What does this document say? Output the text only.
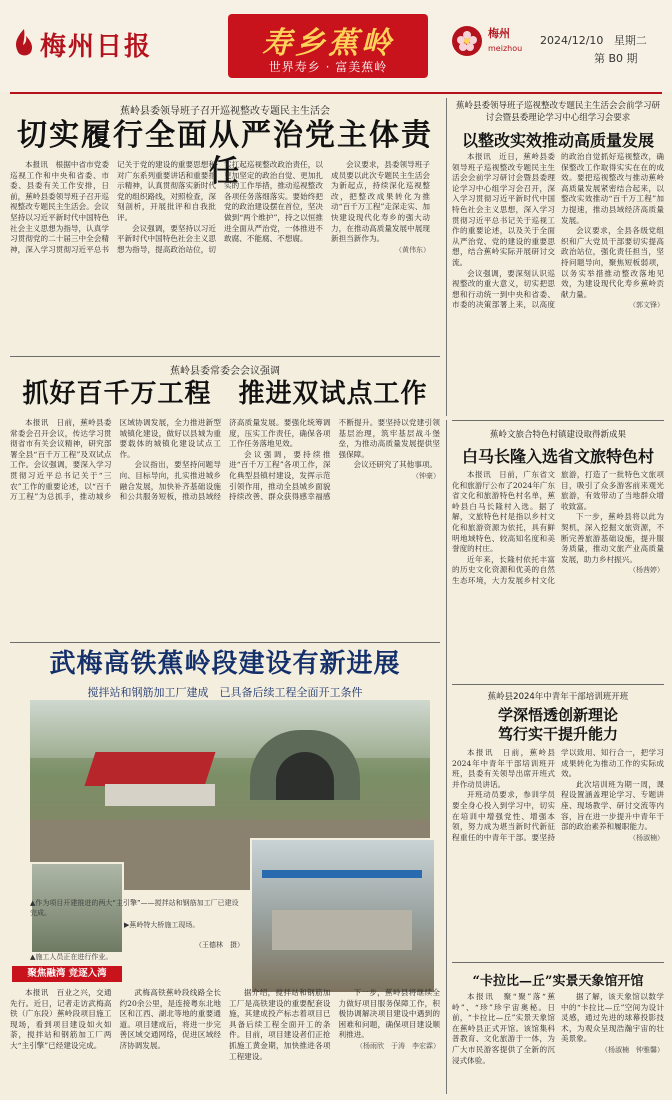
梅州日报	寿乡蕉岭
世界寿乡 · 富美蕉岭
梅州
meizhou
2024/12/10 星期二
第 B0 期
蕉岭县委领导班子召开巡视整改专题民主生活会
切实履行全面从严治党主体责任

本报讯　根据中省市党委巡视工作和中央和省委、市委、县委有关工作安排，日前，蕉岭县委领导班子召开巡视整改专题民主生活会。会议坚持以习近平新时代中国特色社会主义思想为指导，认真学习贯彻党的二十届三中全会精神，深入学习贯彻习近平总书记关于党的建设的重要思想和对广东系列重要讲话和重要指示精神，认真贯彻落实新时代党的组织路线，对照检查，深刻剖析，开展批评和自我批评。

会议强调，要坚持以习近平新时代中国特色社会主义思想为指导，提高政治站位，切实扛起巡视整改政治责任，以更加坚定的政治自觉、更加扎实的工作举措，推动巡视整改各项任务落细落实。要始终把党的政治建设摆在首位，坚决做到“两个维护”，持之以恒推进全面从严治党，一体推进不敢腐、不能腐、不想腐。

会议要求，县委领导班子成员要以此次专题民主生活会为新起点，持续深化巡视整改，把整改成果转化为推动“百千万工程”走深走实、加快建设现代化寿乡的强大动力，在推动高质量发展中展现新担当新作为。

（黄伟东）
蕉岭县委领导班子巡视整改专题民主生活会会前学习研讨会暨县委理论学习中心组学习会要求
以整改实效推动高质量发展

本报讯　近日，蕉岭县委领导班子巡视整改专题民主生活会会前学习研讨会暨县委理论学习中心组学习会召开，深入学习贯彻习近平新时代中国特色社会主义思想，深入学习贯彻习近平总书记关于巡视工作的重要论述，以及关于全面从严治党、党的建设的重要思想，结合蕉岭实际开展研讨交流。

会议强调，要深刻认识巡视整改的重大意义，切实把思想和行动统一到中央和省委、市委的决策部署上来，以高度的政治自觉抓好巡视整改，确保整改工作取得实实在在的成效。要把巡视整改与推动蕉岭高质量发展紧密结合起来，以整改实效推动“百千万工程”加力提速，推动县域经济高质量发展。

会议要求，全县各级党组织和广大党员干部要切实提高政治站位，强化责任担当，坚持问题导向，聚焦短板弱项，以务实举措推动整改落地见效，为建设现代化寿乡蕉岭贡献力量。

（郭文锋）
蕉岭县委常委会会议强调
抓好百千万工程　推进双试点工作

本报讯　日前，蕉岭县委常委会召开会议，传达学习贯彻省市有关会议精神，研究部署全县“百千万工程”及双试点工作。会议强调，要深入学习贯彻习近平总书记关于“三农”工作的重要论述，以“百千万工程”为总抓手，推动城乡区域协调发展，全力推进新型城镇化建设，做好以县城为重要载体的城镇化建设试点工作。

会议指出，要坚持问题导向、目标导向，扎实推进城乡融合发展，加快补齐基础设施和公共服务短板，推动县域经济高质量发展。要强化统筹调度，压实工作责任，确保各项工作任务落地见效。

会议强调，要持续推进“百千万工程”各项工作，深化典型县镇村建设，发挥示范引领作用，推动全县城乡面貌持续改善、群众获得感幸福感不断提升。要坚持以党建引领基层治理，筑牢基层战斗堡垒，为推动高质量发展提供坚强保障。

会议还研究了其他事项。

（钟豪）
蕉岭文旅合特色村镇建设取得新成果
白马长隆入选省文旅特色村

本报讯　日前，广东省文化和旅游厅公布了2024年广东省文化和旅游特色村名单，蕉岭县白马长隆村入选。据了解，文旅特色村是指以乡村文化和旅游资源为依托，具有鲜明地域特色、较高知名度和美誉度的村庄。

近年来，长隆村依托丰富的历史文化资源和优美的自然生态环境，大力发展乡村文化旅游，打造了一批特色文旅项目，吸引了众多游客前来观光旅游，有效带动了当地群众增收致富。

下一步，蕉岭县将以此为契机，深入挖掘文旅资源，不断完善旅游基础设施，提升服务质量，推动文旅产业高质量发展，助力乡村振兴。

（杨茜婷）
武梅高铁蕉岭段建设有新进展
搅拌站和钢筋加工厂建成　已具备后续工程全面开工条件
▲作为项目开建推进的两大“主引擎”——搅拌站和钢筋加工厂已建设完成。
▶蕉岭特大桥施工现场。
▲施工人员正在进行作业。
（王德林　摄）
聚焦融湾 竞逐入湾

本报讯　百业之兴，交通先行。近日，记者走访武梅高铁（广东段）蕉岭段项目施工现场，看到项目建设如火如荼，搅拌站和钢筋加工厂两大“主引擎”已经建设完成。

武梅高铁蕉岭段线路全长约20余公里，是连接粤东北地区和江西、湖北等地的重要通道。项目建成后，将进一步完善区域交通网络，促进区域经济协调发展。

据介绍，搅拌站和钢筋加工厂是高铁建设的重要配套设施，其建成投产标志着项目已具备后续工程全面开工的条件。目前，项目建设者们正抢抓施工黄金期，加快推进各项工程建设。

下一步，蕉岭县将继续全力做好项目服务保障工作，积极协调解决项目建设中遇到的困难和问题，确保项目建设顺利推进。

（杨雨欣　于涛　李宏霖）
蕉岭县2024年中青年干部培训班开班
学深悟透创新理论
笃行实干提升能力

本报讯　日前，蕉岭县2024年中青年干部培训班开班，县委有关领导出席开班式并作动员讲话。

开班动员要求，参训学员要全身心投入到学习中，切实在培训中增强党性、增强本领，努力成为堪当新时代新征程重任的中青年干部。要坚持学以致用、知行合一，把学习成果转化为推动工作的实际成效。

此次培训班为期一周，课程设置涵盖理论学习、专题讲座、现场教学、研讨交流等内容，旨在进一步提升中青年干部的政治素养和履职能力。

（杨淑楠）
“卡拉比—丘”实景天象馆开馆

本报讯　聚“聚”落“蕉岭”、“珍”珍宇宙奥秘。日前，“卡拉比—丘”实景天象馆在蕉岭县正式开馆。该馆集科普教育、文化旅游于一体，为广大市民游客提供了全新的沉浸式体验。

据了解，该天象馆以数学中的“卡拉比—丘”空间为设计灵感，通过先进的球幕投影技术，为观众呈现浩瀚宇宙的壮美景象。

（杨淑楠　钟雅馨）
